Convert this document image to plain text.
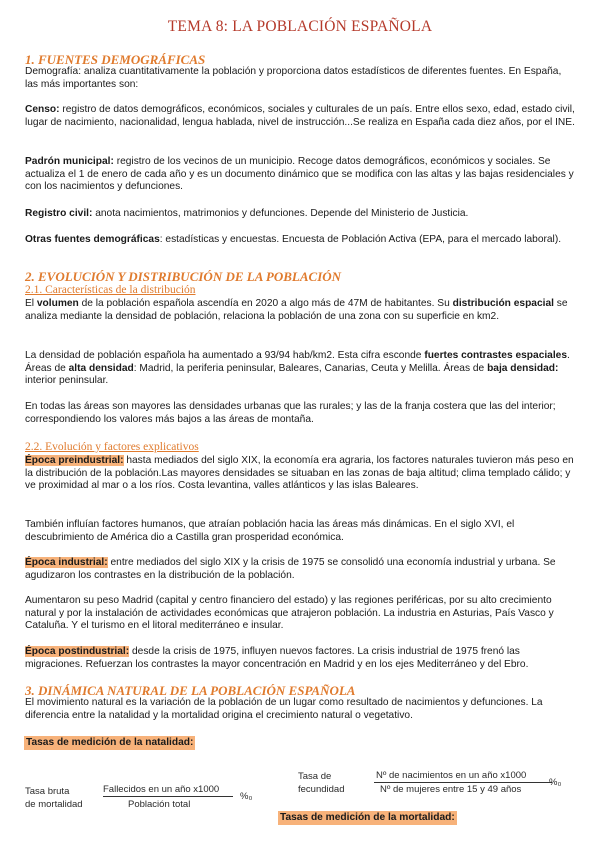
TEMA 8: LA POBLACIÓN ESPAÑOLA
1. FUENTES DEMOGRÁFICAS
Demografía: analiza cuantitativamente la población y proporciona datos estadísticos de diferentes fuentes. En España, las más importantes son:
Censo: registro de datos demográficos, económicos, sociales y culturales de un país. Entre ellos sexo, edad, estado civil, lugar de nacimiento, nacionalidad, lengua hablada, nivel de instrucción...Se realiza en España cada diez años, por el INE.
Padrón municipal: registro de los vecinos de un municipio. Recoge datos demográficos, económicos y sociales. Se actualiza el 1 de enero de cada año y es un documento dinámico que se modifica con las altas y las bajas residenciales y con los nacimientos y defunciones.
Registro civil: anota nacimientos, matrimonios y defunciones. Depende del Ministerio de Justicia.
Otras fuentes demográficas: estadísticas y encuestas. Encuesta de Población Activa (EPA, para el mercado laboral).
2. EVOLUCIÓN Y DISTRIBUCIÓN DE LA POBLACIÓN
2.1. Características de la distribución
El volumen de la población española ascendía en 2020 a algo más de 47M de habitantes. Su distribución espacial se analiza mediante la densidad de población, relaciona la población de una zona con su superficie en km2.
La densidad de población española ha aumentado a 93/94 hab/km2. Esta cifra esconde fuertes contrastes espaciales. Áreas de alta densidad: Madrid, la periferia peninsular, Baleares, Canarias, Ceuta y Melilla. Áreas de baja densidad: interior peninsular.
En todas las áreas son mayores las densidades urbanas que las rurales; y las de la franja costera que las del interior; correspondiendo los valores más bajos a las áreas de montaña.
2.2. Evolución y factores explicativos
Época preindustrial: hasta mediados del siglo XIX, la economía era agraria, los factores naturales tuvieron más peso en la distribución de la población.Las mayores densidades se situaban en las zonas de baja altitud; clima templado cálido; y ve proximidad al mar o a los ríos. Costa levantina, valles atlánticos y las islas Baleares.
También influían factores humanos, que atraían población hacia las áreas más dinámicas. En el siglo XVI, el descubrimiento de América dio a Castilla gran prosperidad económica.
Época industrial: entre mediados del siglo XIX y la crisis de 1975 se consolidó una economía industrial y urbana. Se agudizaron los contrastes en la distribución de la población.
Aumentaron su peso Madrid (capital y centro financiero del estado) y las regiones periféricas, por su alto crecimiento natural y por la instalación de actividades económicas que atrajeron población. La industria en Asturias, País Vasco y Cataluña. Y el turismo en el litoral mediterráneo e insular.
Época postindustrial: desde la crisis de 1975, influyen nuevos factores. La crisis industrial de 1975 frenó las migraciones. Refuerzan los contrastes la mayor concentración en Madrid y en los ejes Mediterráneo y del Ebro.
3. DINÁMICA NATURAL DE LA POBLACIÓN ESPAÑOLA
El movimiento natural es la variación de la población de un lugar como resultado de nacimientos y defunciones. La diferencia entre la natalidad y la mortalidad origina el crecimiento natural o vegetativo.
Tasas de medición de la natalidad:
Tasa bruta
de mortalidad
Fallecidos en un año x1000
Población total
%₀
Tasa de
fecundidad
Nº de nacimientos en un año x1000
Nº de mujeres entre 15 y 49 años
%₀
Tasas de medición de la mortalidad:
